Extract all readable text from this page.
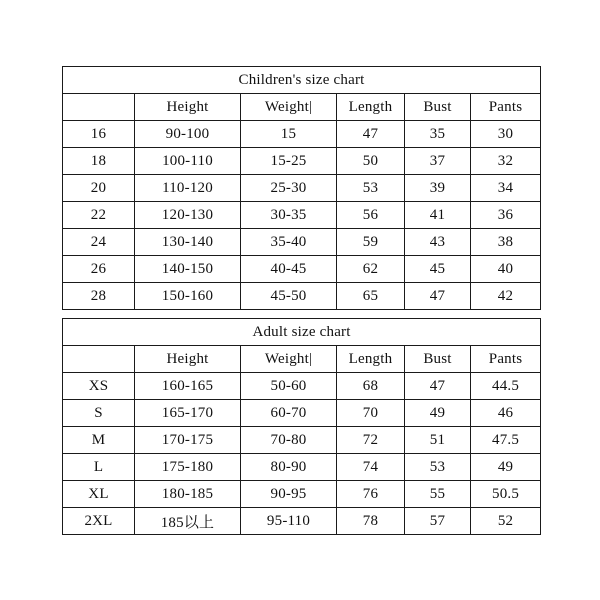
Children's size chart					
	Height	Weight|	Length	Bust	Pants
16	90-100	15	47	35	30
18	100-110	15-25	50	37	32
20	110-120	25-30	53	39	34
22	120-130	30-35	56	41	36
24	130-140	35-40	59	43	38
26	140-150	40-45	62	45	40
28	150-160	45-50	65	47	42
Adult size chart					
	Height	Weight|	Length	Bust	Pants
XS	160-165	50-60	68	47	44.5
S	165-170	60-70	70	49	46
M	170-175	70-80	72	51	47.5
L	175-180	80-90	74	53	49
XL	180-185	90-95	76	55	50.5
2XL	185以上	95-110	78	57	52
